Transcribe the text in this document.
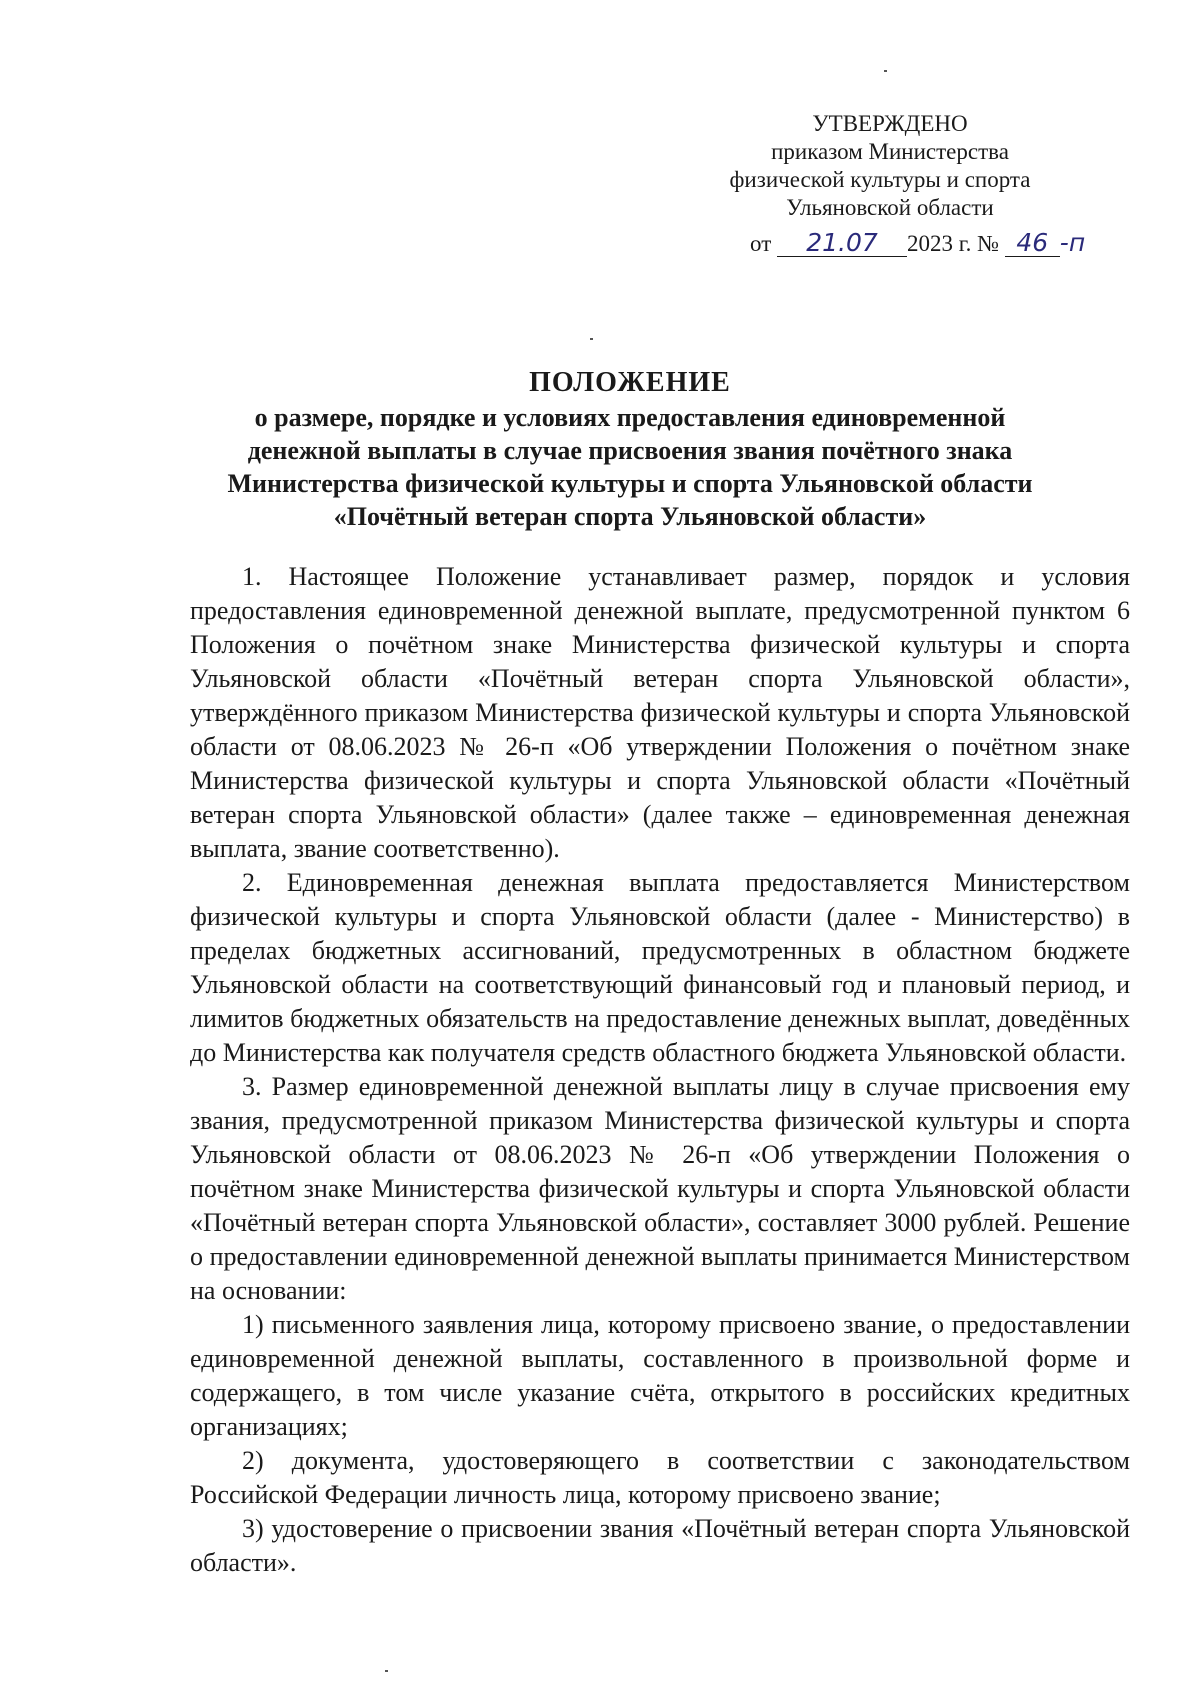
УТВЕРЖДЕНО
приказом Министерства
физической культуры и спорта
Ульяновской области
от 21.07 2023 г. № 46 -п
ПОЛОЖЕНИЕ
о размере, порядке и условиях предоставления единовременной
денежной выплаты в случае присвоения звания почётного знака
Министерства физической культуры и спорта Ульяновской области
«Почётный ветеран спорта Ульяновской области»

1. Настоящее Положение устанавливает размер, порядок и условия предоставления единовременной денежной выплате, предусмотренной пунктом 6 Положения о почётном знаке Министерства физической культуры и спорта Ульяновской области «Почётный ветеран спорта Ульяновской области», утверждённого приказом Министерства физической культуры и спорта Ульяновской области от 08.06.2023 № 26-п «Об утверждении Положения о почётном знаке Министерства физической культуры и спорта Ульяновской области «Почётный ветеран спорта Ульяновской области» (далее также – единовременная денежная выплата, звание соответственно).

2. Единовременная денежная выплата предоставляется Министерством физической культуры и спорта Ульяновской области (далее - Министерство) в пределах бюджетных ассигнований, предусмотренных в областном бюджете Ульяновской области на соответствующий финансовый год и плановый период, и лимитов бюджетных обязательств на предоставление денежных выплат, доведённых до Министерства как получателя средств областного бюджета Ульяновской области.

3. Размер единовременной денежной выплаты лицу в случае присвоения ему звания, предусмотренной приказом Министерства физической культуры и спорта Ульяновской области от 08.06.2023 № 26-п «Об утверждении Положения о почётном знаке Министерства физической культуры и спорта Ульяновской области «Почётный ветеран спорта Ульяновской области», составляет 3000 рублей. Решение о предоставлении единовременной денежной выплаты принимается Министерством на основании:

1) письменного заявления лица, которому присвоено звание, о предоставлении единовременной денежной выплаты, составленного в произвольной форме и содержащего, в том числе указание счёта, открытого в российских кредитных организациях;

2) документа, удостоверяющего в соответствии с законодательством Российской Федерации личность лица, которому присвоено звание;

3) удостоверение о присвоении звания «Почётный ветеран спорта Ульяновской области».
